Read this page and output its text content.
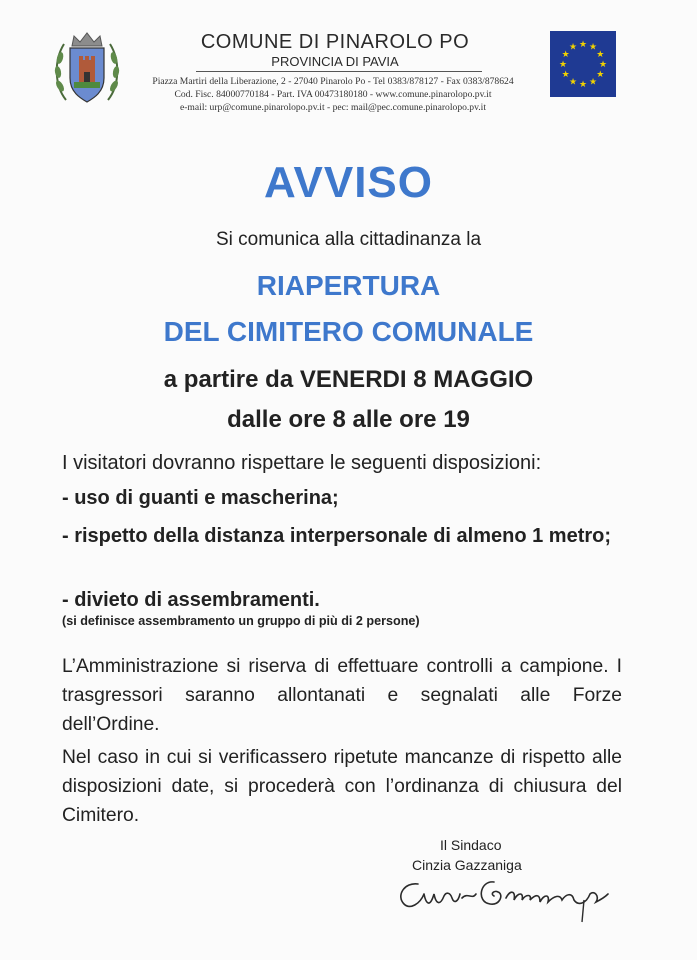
COMUNE DI PINAROLO PO
PROVINCIA DI PAVIA
Piazza Martiri della Liberazione, 2 - 27040 Pinarolo Po - Tel 0383/878127 - Fax 0383/878624
Cod. Fisc. 84000770184 - Part. IVA 00473180180 - www.comune.pinarolopo.pv.it
e-mail: urp@comune.pinarolopo.pv.it - pec: mail@pec.comune.pinarolopo.pv.it
★ ★
★
★
★
★
★
★
★
★
★
★
AVVISO
Si comunica alla cittadinanza la
RIAPERTURA
DEL CIMITERO COMUNALE
a partire da VENERDI 8 MAGGIO
dalle ore 8 alle ore 19
I visitatori dovranno rispettare le seguenti disposizioni:
- uso di guanti e mascherina;
- rispetto della distanza interpersonale di almeno 1 metro;
- divieto di assembramenti.
(si definisce assembramento un gruppo di più di 2 persone)
L’Amministrazione si riserva di effettuare controlli a campione. I trasgressori saranno allontanati e segnalati alle Forze dell’Ordine.
Nel caso in cui si verificassero ripetute mancanze di rispetto alle disposizioni date, si procederà con l’ordinanza di chiusura del Cimitero.
Il Sindaco
Cinzia Gazzaniga
